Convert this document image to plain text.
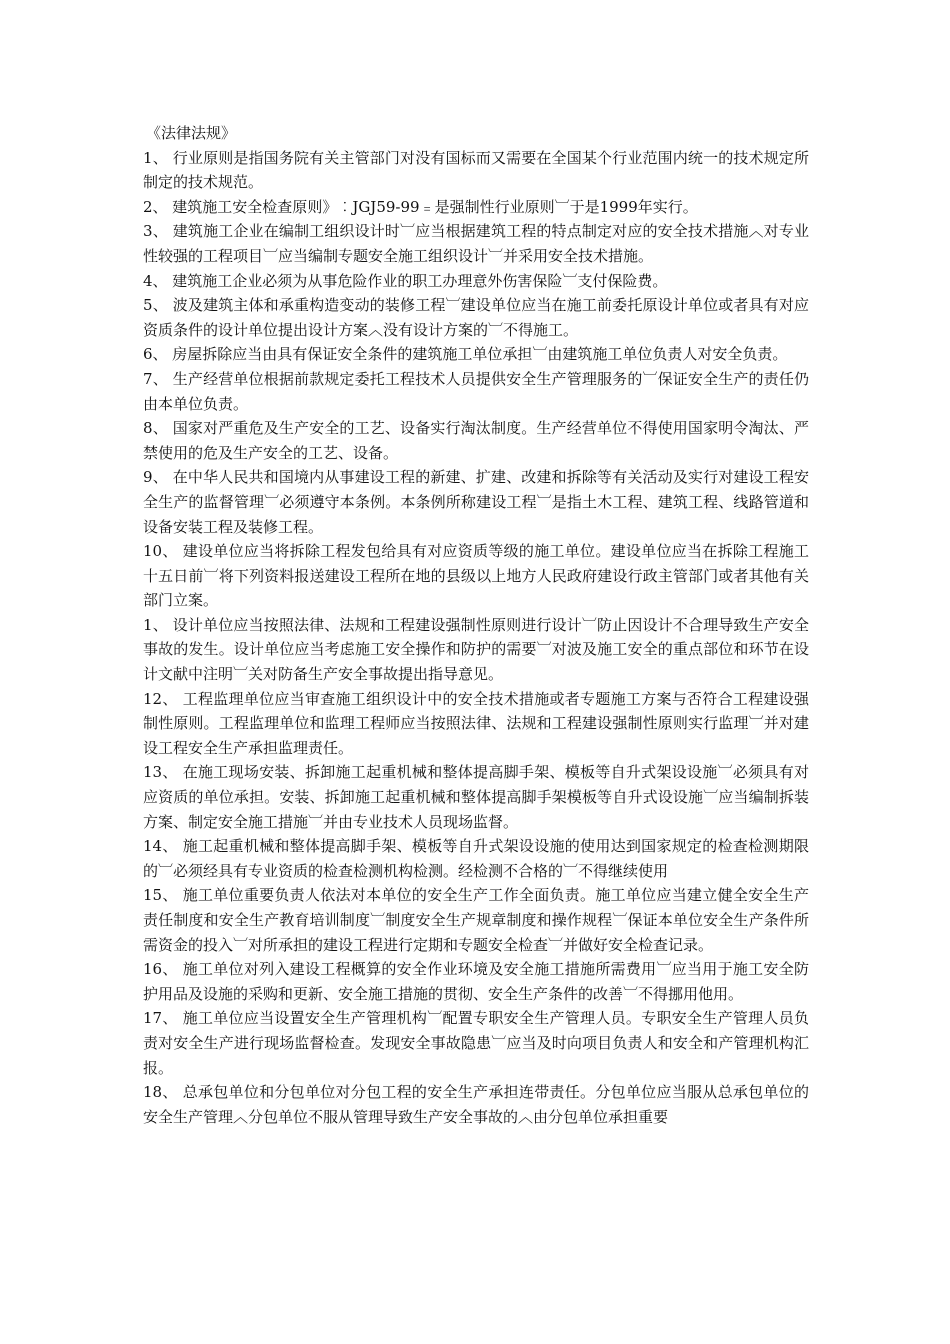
《法律法规》

1、 行业原则是指国务院有关主管部门对没有国标而又需要在全国某个行业范围内统一的技术规定所制定的技术规范。

2、 建筑施工安全检查原则》︰JGJ59-99﹦是强制性行业原则︺于是1999年实行。

3、 建筑施工企业在编制工组织设计时︺应当根据建筑工程的特点制定对应的安全技术措施︿对专业性较强的工程项目︺应当编制专题安全施工组织设计︺并采用安全技术措施。

4、 建筑施工企业必须为从事危险作业的职工办理意外伤害保险︺支付保险费。

5、 波及建筑主体和承重构造变动的装修工程︺建设单位应当在施工前委托原设计单位或者具有对应资质条件的设计单位提出设计方案︿没有设计方案的︺不得施工。

6、 房屋拆除应当由具有保证安全条件的建筑施工单位承担︺由建筑施工单位负责人对安全负责。

7、 生产经营单位根据前款规定委托工程技术人员提供安全生产管理服务的︺保证安全生产的责任仍由本单位负责。

8、 国家对严重危及生产安全的工艺、设备实行淘汰制度。生产经营单位不得使用国家明令淘汰、严禁使用的危及生产安全的工艺、设备。

9、 在中华人民共和国境内从事建设工程的新建、扩建、改建和拆除等有关活动及实行对建设工程安全生产的监督管理︺必须遵守本条例。本条例所称建设工程︺是指土木工程、建筑工程、线路管道和设备安装工程及装修工程。

10、 建设单位应当将拆除工程发包给具有对应资质等级的施工单位。建设单位应当在拆除工程施工十五日前︺将下列资料报送建设工程所在地的县级以上地方人民政府建设行政主管部门或者其他有关部门立案。

1、 设计单位应当按照法律、法规和工程建设强制性原则进行设计︺防止因设计不合理导致生产安全事故的发生。设计单位应当考虑施工安全操作和防护的需要︺对波及施工安全的重点部位和环节在设计文献中注明︺关对防备生产安全事故提出指导意见。

12、 工程监理单位应当审查施工组织设计中的安全技术措施或者专题施工方案与否符合工程建设强制性原则。工程监理单位和监理工程师应当按照法律、法规和工程建设强制性原则实行监理︺并对建设工程安全生产承担监理责任。

13、 在施工现场安装、拆卸施工起重机械和整体提高脚手架、模板等自升式架设设施︺必须具有对应资质的单位承担。安装、拆卸施工起重机械和整体提高脚手架模板等自升式设设施︺应当编制拆装方案、制定安全施工措施︺并由专业技术人员现场监督。

14、 施工起重机械和整体提高脚手架、模板等自升式架设设施的使用达到国家规定的检查检测期限的︺必须经具有专业资质的检查检测机构检测。经检测不合格的︺不得继续使用

15、 施工单位重要负责人依法对本单位的安全生产工作全面负责。施工单位应当建立健全安全生产责任制度和安全生产教育培训制度︺制度安全生产规章制度和操作规程︺保证本单位安全生产条件所需资金的投入︺对所承担的建设工程进行定期和专题安全检查︺并做好安全检查记录。

16、 施工单位对列入建设工程概算的安全作业环境及安全施工措施所需费用︺应当用于施工安全防护用品及设施的采购和更新、安全施工措施的贯彻、安全生产条件的改善︺不得挪用他用。

17、 施工单位应当设置安全生产管理机构︺配置专职安全生产管理人员。专职安全生产管理人员负责对安全生产进行现场监督检查。发现安全事故隐患︺应当及时向项目负责人和安全和产管理机构汇报。

18、 总承包单位和分包单位对分包工程的安全生产承担连带责任。分包单位应当服从总承包单位的安全生产管理︿分包单位不服从管理导致生产安全事故的︿由分包单位承担重要
